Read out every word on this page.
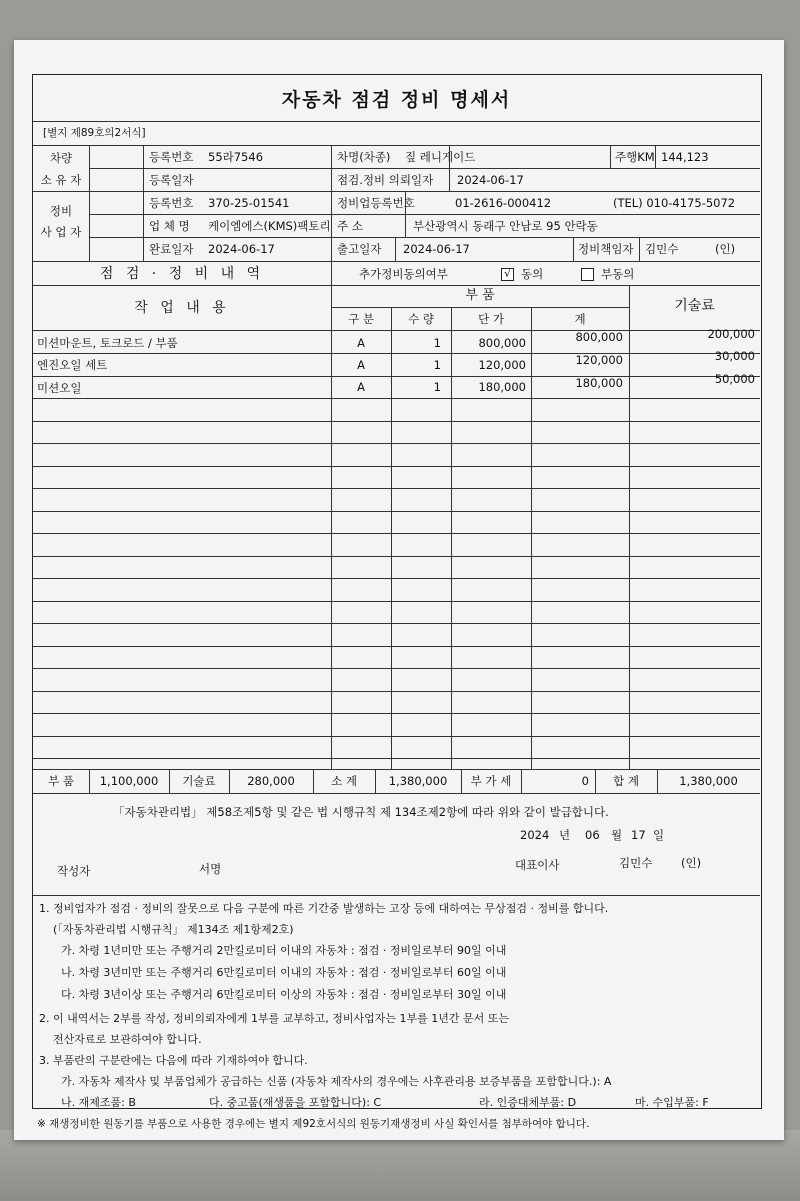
자동차 점검 정비 명세서
[별지 제89호의2서식]
차량
소 유 자
등록번호 55라7546
등록일자
차명(차종) 짚 레니게이드	주행KM 144,123
점검.정비 의뢰일자 2024-06-17
정비
사 업 자
등록번호 370-25-01541
업 체 명 케이엠에스(KMS)팩토리
완료일자 2024-06-17
정비업등록번호	01-2616-000412	(TEL) 010-4175-5072
주 소	부산광역시 동래구 안남로 95 안락동
출고일자 2024-06-17	정비책임자 김민수	(인)
점 검 · 정 비 내 역	추가정비동의여부	√ 동의	부동의
작 업 내 용
부 품
기술료
구 분	수 량	단 가	계
미션마운트, 토크로드 / 부품	A	1	800,000	800,000	200,000
엔진오일 세트	A	1	120,000	120,000	30,000
미션오일	A	1	180,000	180,000	50,000
부 품	1,100,000	기술료	280,000	소 계	1,380,000	부 가 세	0	합 계	1,380,000
「자동차관리법」 제58조제5항 및 같은 법 시행규칙 제 134조제2항에 따라 위와 같이 발급합니다.
2024 년 06 월 17 일
작성자	서명	대표이사	김민수 (인)
1. 정비업자가 점검 · 정비의 잘못으로 다음 구분에 따른 기간중 발생하는 고장 등에 대하여는 무상점검 · 정비를 합니다.
(「자동차관리법 시행규칙」 제134조 제1항제2호)
가. 차령 1년미만 또는 주행거리 2만킬로미터 이내의 자동차 : 점검 · 정비일로부터 90일 이내
나. 차령 3년미만 또는 주행거리 6만킬로미터 이내의 자동차 : 점검 · 정비일로부터 60일 이내
다. 차령 3년이상 또는 주행거리 6만킬로미터 이상의 자동차 : 점검 · 정비일로부터 30일 이내
2. 이 내역서는 2부를 작성, 정비의뢰자에게 1부를 교부하고, 정비사업자는 1부를 1년간 문서 또는
전산자료로 보관하여야 합니다.
3. 부품란의 구분란에는 다음에 따라 기재하여야 합니다.
가. 자동차 제작사 및 부품업체가 공급하는 신품 (자동차 제작사의 경우에는 사후관리용 보증부품을 포함합니다.): A
나. 재제조품: B	다. 중고품(재생품을 포함합니다): C	라. 인증대체부품: D	마. 수입부품: F
※ 재생정비한 원동기를 부품으로 사용한 경우에는 별지 제92호서식의 원동기재생정비 사실 확인서를 첨부하여야 합니다.
